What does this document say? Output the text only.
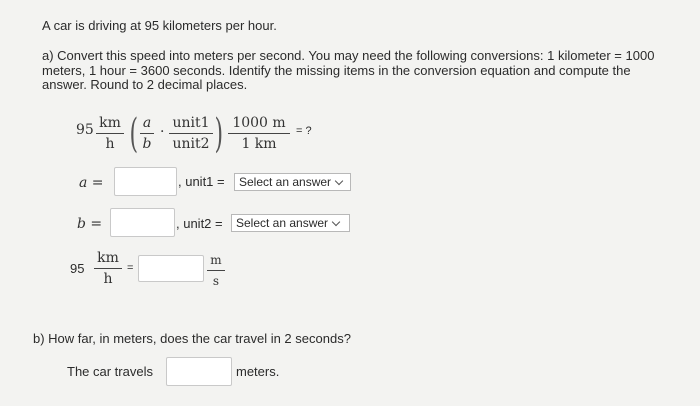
A car is driving at 95 kilometers per hour.
a) Convert this speed into meters per second. You may need the following conversions: 1 kilometer = 1000
meters, 1 hour = 3600 seconds. Identify the missing items in the conversion equation and compute the
answer. Round to 2 decimal places.
95 km
h ( a
b
·
unit1
unit2 ) 1000 m
1 km
= ?
a =	, unit1 =	Select an answer
b =	, unit2 =	Select an answer
95
km
h
=
m
s
b) How far, in meters, does the car travel in 2 seconds?
The car travels	meters.
